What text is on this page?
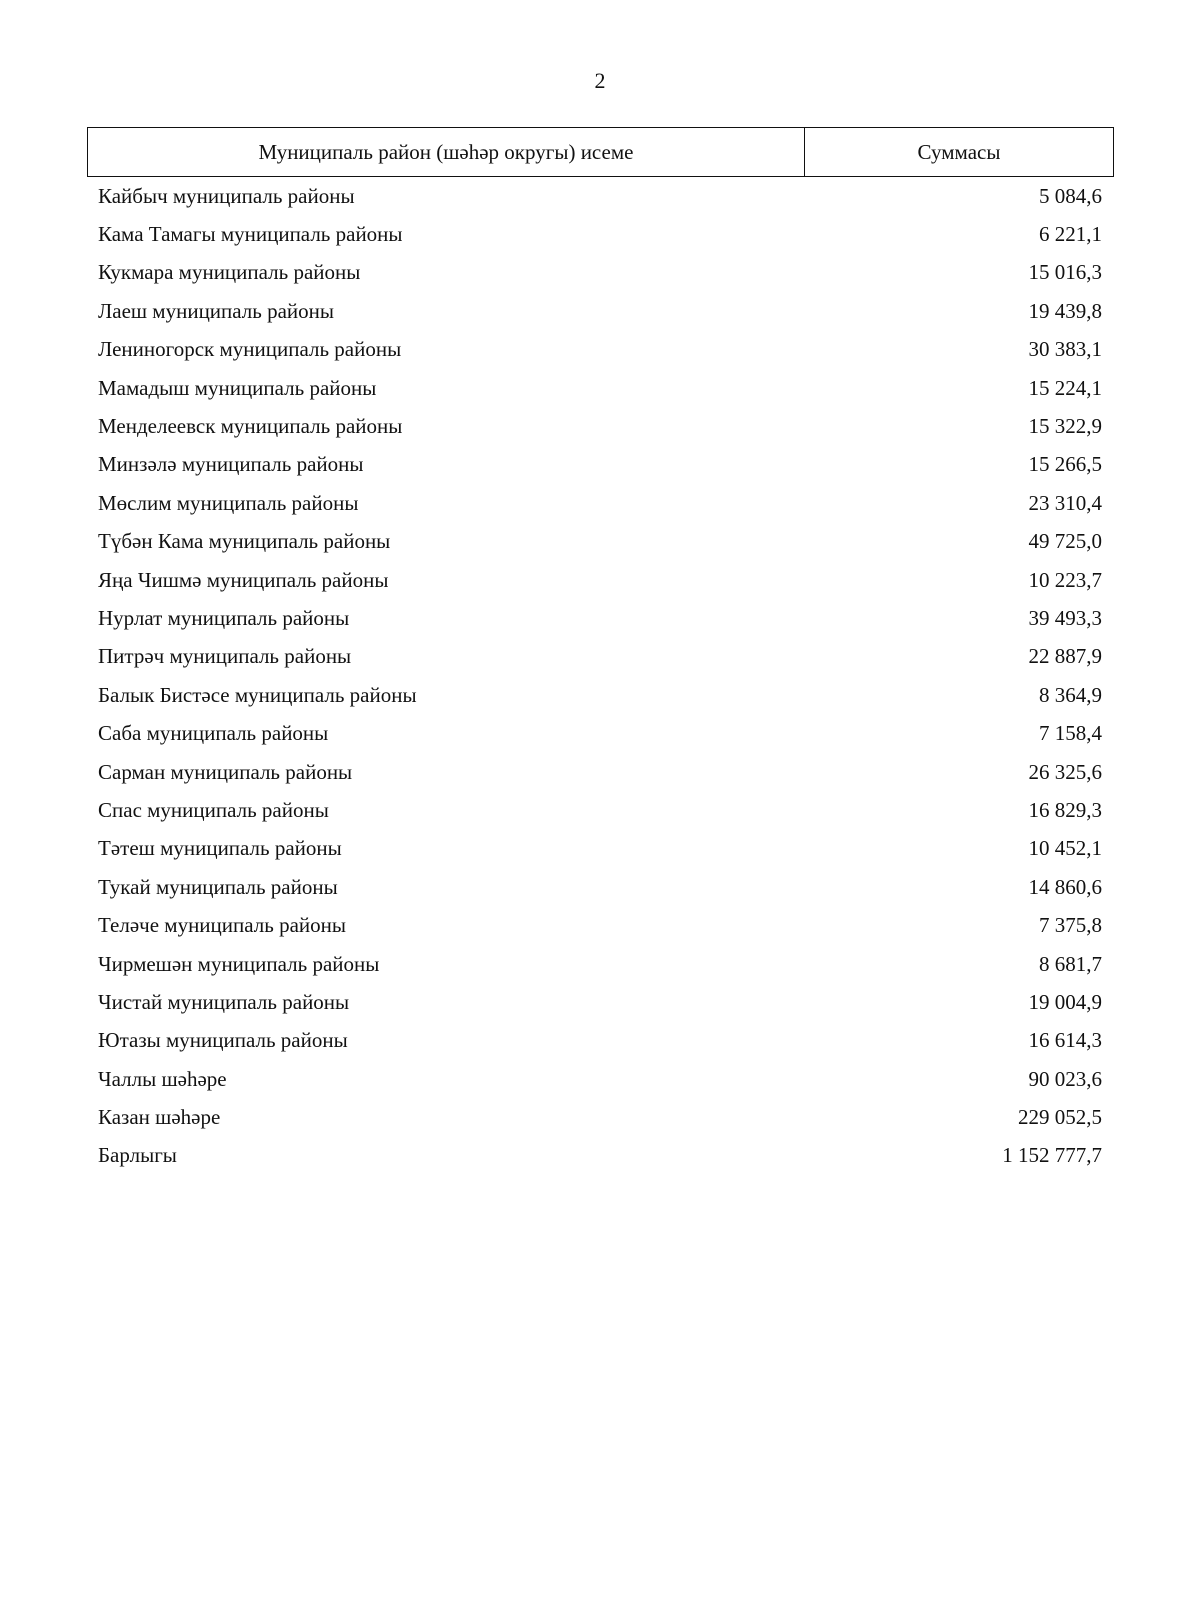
2
Муниципаль район (шәһәр округы) исеме	Суммасы
Кайбыч муниципаль районы	5 084,6
Кама Тамагы муниципаль районы	6 221,1
Кукмара муниципаль районы	15 016,3
Лаеш муниципаль районы	19 439,8
Лениногорск муниципаль районы	30 383,1
Мамадыш муниципаль районы	15 224,1
Менделеевск муниципаль районы	15 322,9
Минзәлә муниципаль районы	15 266,5
Мөслим муниципаль районы	23 310,4
Түбән Кама муниципаль районы	49 725,0
Яңа Чишмә муниципаль районы	10 223,7
Нурлат муниципаль районы	39 493,3
Питрәч муниципаль районы	22 887,9
Балык Бистәсе муниципаль районы	8 364,9
Саба муниципаль районы	7 158,4
Сарман муниципаль районы	26 325,6
Спас муниципаль районы	16 829,3
Тәтеш муниципаль районы	10 452,1
Тукай муниципаль районы	14 860,6
Теләче муниципаль районы	7 375,8
Чирмешән муниципаль районы	8 681,7
Чистай муниципаль районы	19 004,9
Ютазы муниципаль районы	16 614,3
Чаллы шәһәре	90 023,6
Казан шәһәре	229 052,5
Барлыгы	1 152 777,7
